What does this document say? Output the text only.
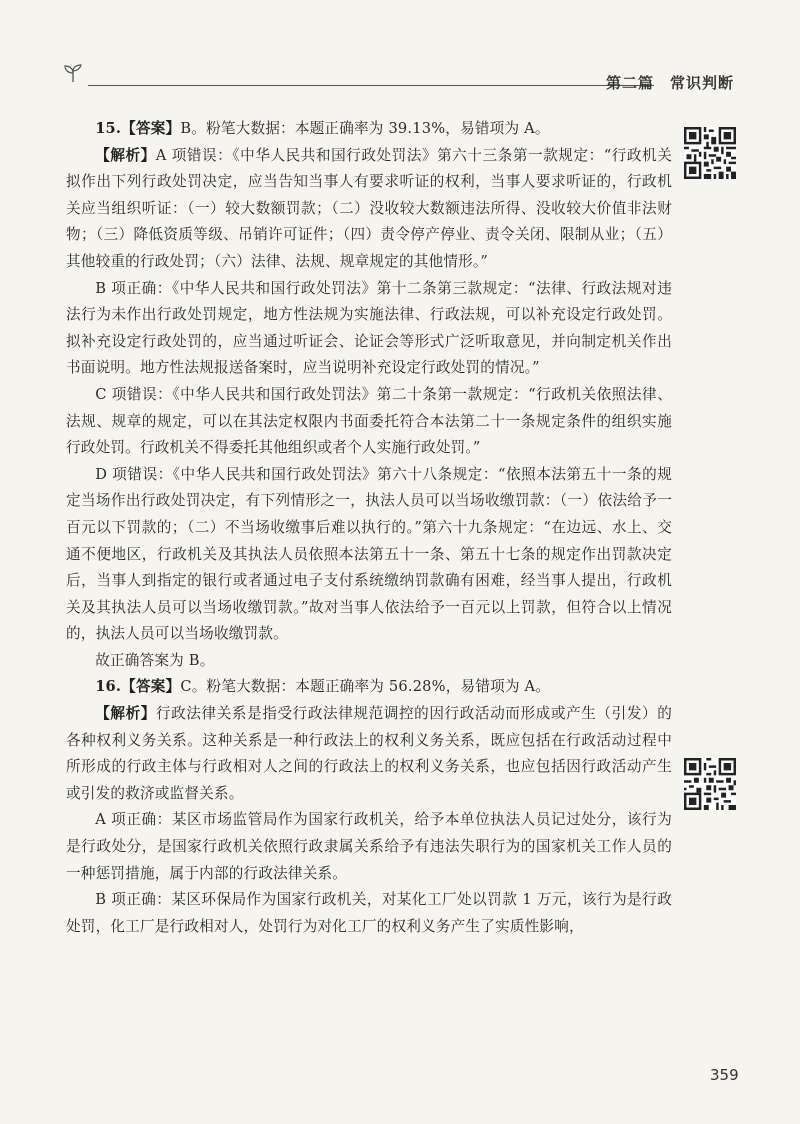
第二篇　常识判断

15.【答案】B。粉笔大数据：本题正确率为 39.13%，易错项为 A。

【解析】A 项错误：《中华人民共和国行政处罚法》第六十三条第一款规定：“行政机关拟作出下列行政处罚决定，应当告知当事人有要求听证的权利，当事人要求听证的，行政机关应当组织听证：（一）较大数额罚款；（二）没收较大数额违法所得、没收较大价值非法财物；（三）降低资质等级、吊销许可证件；（四）责令停产停业、责令关闭、限制从业；（五）其他较重的行政处罚；（六）法律、法规、规章规定的其他情形。”

B 项正确：《中华人民共和国行政处罚法》第十二条第三款规定：“法律、行政法规对违法行为未作出行政处罚规定，地方性法规为实施法律、行政法规，可以补充设定行政处罚。拟补充设定行政处罚的，应当通过听证会、论证会等形式广泛听取意见，并向制定机关作出书面说明。地方性法规报送备案时，应当说明补充设定行政处罚的情况。”

C 项错误：《中华人民共和国行政处罚法》第二十条第一款规定：“行政机关依照法律、法规、规章的规定，可以在其法定权限内书面委托符合本法第二十一条规定条件的组织实施行政处罚。行政机关不得委托其他组织或者个人实施行政处罚。”

D 项错误：《中华人民共和国行政处罚法》第六十八条规定：“依照本法第五十一条的规定当场作出行政处罚决定，有下列情形之一，执法人员可以当场收缴罚款：（一）依法给予一百元以下罚款的；（二）不当场收缴事后难以执行的。”第六十九条规定：“在边远、水上、交通不便地区，行政机关及其执法人员依照本法第五十一条、第五十七条的规定作出罚款决定后，当事人到指定的银行或者通过电子支付系统缴纳罚款确有困难，经当事人提出，行政机关及其执法人员可以当场收缴罚款。”故对当事人依法给予一百元以上罚款，但符合以上情况的，执法人员可以当场收缴罚款。

故正确答案为 B。

16.【答案】C。粉笔大数据：本题正确率为 56.28%，易错项为 A。

【解析】行政法律关系是指受行政法律规范调控的因行政活动而形成或产生（引发）的各种权利义务关系。这种关系是一种行政法上的权利义务关系，既应包括在行政活动过程中所形成的行政主体与行政相对人之间的行政法上的权利义务关系，也应包括因行政活动产生或引发的救济或监督关系。

A 项正确：某区市场监管局作为国家行政机关，给予本单位执法人员记过处分，该行为是行政处分，是国家行政机关依照行政隶属关系给予有违法失职行为的国家机关工作人员的一种惩罚措施，属于内部的行政法律关系。

B 项正确：某区环保局作为国家行政机关，对某化工厂处以罚款 1 万元，该行为是行政处罚，化工厂是行政相对人，处罚行为对化工厂的权利义务产生了实质性影响，

359
